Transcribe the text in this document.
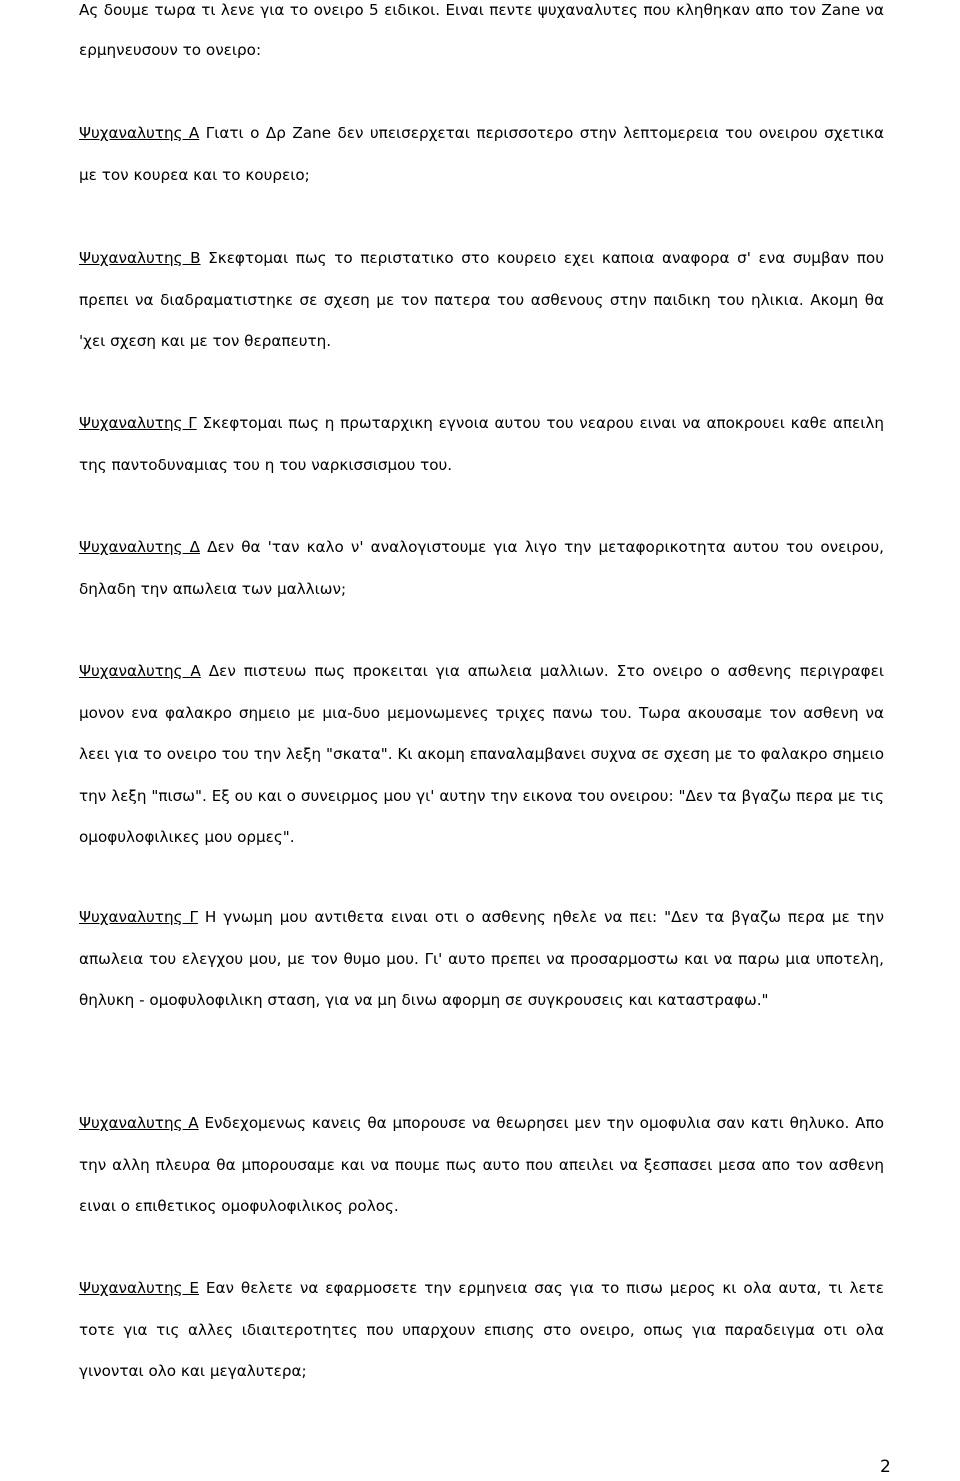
Ας δουμε τωρα τι λενε για το ονειρο 5 ειδικοι. Ειναι πεντε ψυχαναλυτες που κληθηκαν απο τον Zane να ερμηνευσουν το ονειρο:

Ψυχαναλυτης Α Γιατι ο Δρ Zane δεν υπεισερχεται περισσοτερο στην λεπτομερεια του ονειρου σχετικα με τον κουρεα και το κουρειο;

Ψυχαναλυτης Β Σκεφτομαι πως το περιστατικο στο κουρειο εχει καποια αναφορα σ' ενα συμβαν που πρεπει να διαδραματιστηκε σε σχεση με τον πατερα του ασθενους στην παιδικη του ηλικια. Ακομη θα 'χει σχεση και με τον θεραπευτη.

Ψυχαναλυτης Γ Σκεφτομαι πως η πρωταρχικη εγνοια αυτου του νεαρου ειναι να αποκρουει καθε απειλη της παντοδυναμιας του η του ναρκισσισμου του.

Ψυχαναλυτης Δ Δεν θα 'ταν καλο ν' αναλογιστουμε για λιγο την μεταφορικοτητα αυτου του ονειρου, δηλαδη την απωλεια των μαλλιων;

Ψυχαναλυτης Α Δεν πιστευω πως προκειται για απωλεια μαλλιων. Στο ονειρο ο ασθενης περιγραφει μονον ενα φαλακρο σημειο με μια-δυο μεμονωμενες τριχες πανω του. Τωρα ακουσαμε τον ασθενη να λεει για το ονειρο του την λεξη "σκατα". Κι ακομη επαναλαμβανει συχνα σε σχεση με το φαλακρο σημειο την λεξη "πισω". Εξ ου και ο συνειρμος μου γι' αυτην την εικονα του ονειρου: "Δεν τα βγαζω περα με τις ομοφυλοφιλικες μου ορμες".

Ψυχαναλυτης Γ Η γνωμη μου αντιθετα ειναι οτι ο ασθενης ηθελε να πει: "Δεν τα βγαζω περα με την απωλεια του ελεγχου μου, με τον θυμο μου. Γι' αυτο πρεπει να προσαρμοστω και να παρω μια υποτελη, θηλυκη - ομοφυλοφιλικη σταση, για να μη δινω αφορμη σε συγκρουσεις και καταστραφω."

Ψυχαναλυτης Α Ενδεχομενως κανεις θα μπορουσε να θεωρησει μεν την ομοφυλια σαν κατι θηλυκο. Απο την αλλη πλευρα θα μπορουσαμε και να πουμε πως αυτο που απειλει να ξεσπασει μεσα απο τον ασθενη ειναι ο επιθετικος ομοφυλοφιλικος ρολος.

Ψυχαναλυτης Ε Εαν θελετε να εφαρμοσετε την ερμηνεια σας για το πισω μερος κι ολα αυτα, τι λετε τοτε για τις αλλες ιδιαιτεροτητες που υπαρχουν επισης στο ονειρο, οπως για παραδειγμα οτι ολα γινονται ολο και μεγαλυτερα;

2
